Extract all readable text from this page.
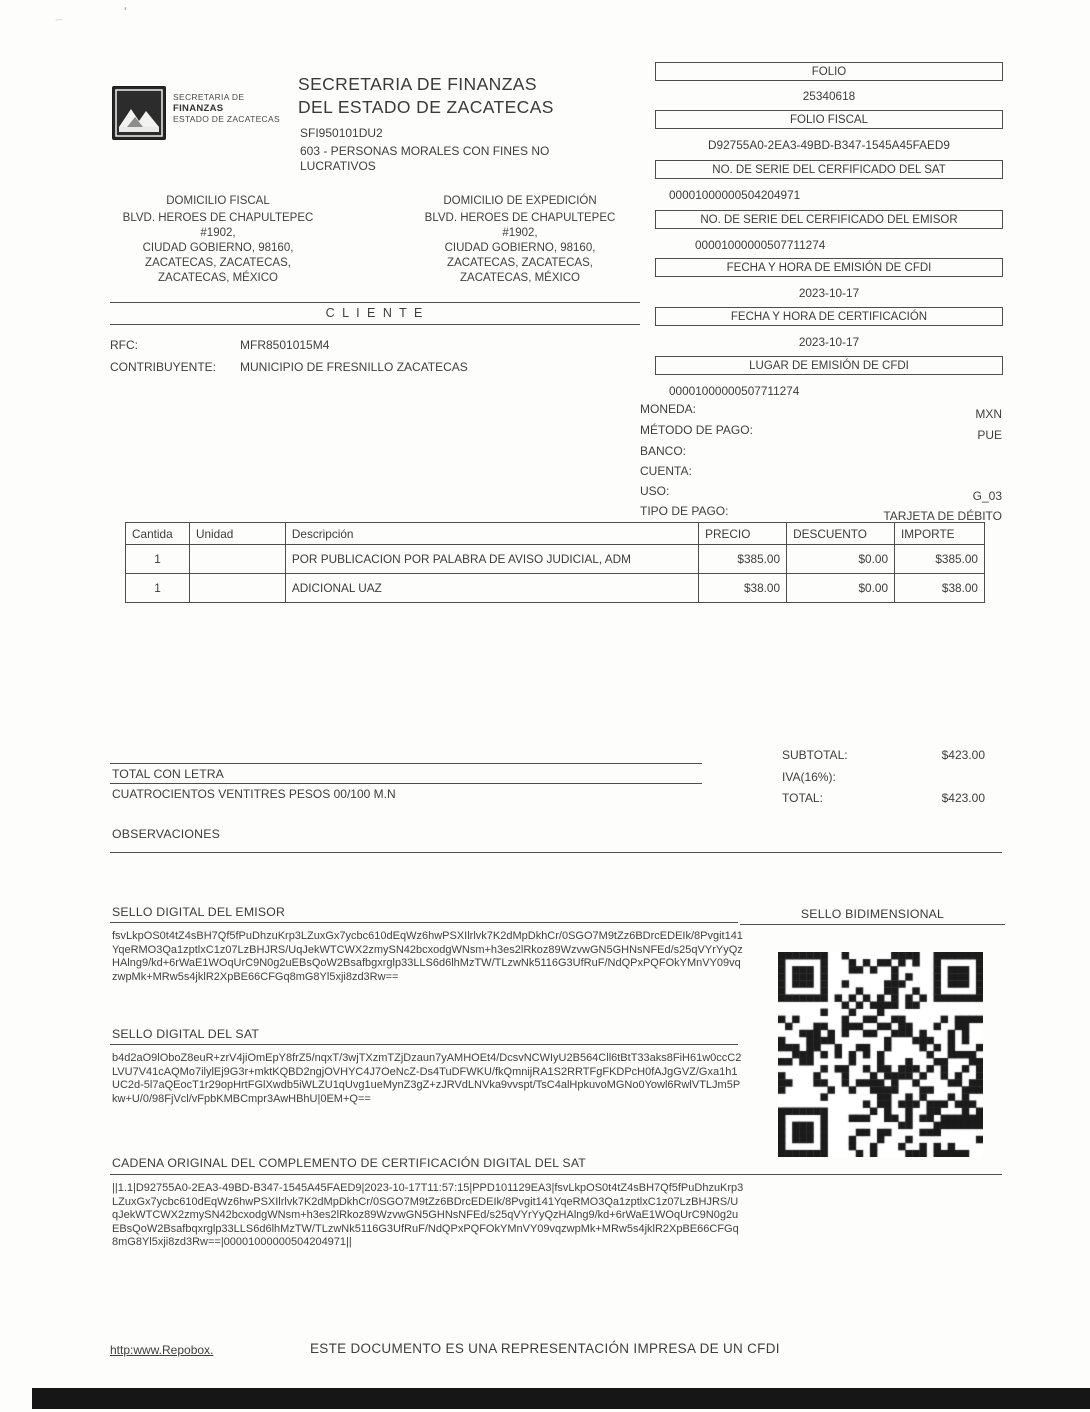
ʹ
~
SECRETARIA DE
FINANZAS
ESTADO DE ZACATECAS
SECRETARIA DE FINANZAS
DEL ESTADO DE ZACATECAS
SFI950101DU2
603 - PERSONAS MORALES CON FINES NO LUCRATIVOS
FOLIO
25340618
FOLIO FISCAL
D92755A0-2EA3-49BD-B347-1545A45FAED9
NO. DE SERIE DEL CERFIFICADO DEL SAT
00001000000504204971
NO. DE SERIE DEL CERFIFICADO DEL EMISOR
00001000000507711274
FECHA Y HORA DE EMISIÓN DE CFDI
2023-10-17
FECHA Y HORA DE CERTIFICACIÓN
2023-10-17
LUGAR DE EMISIÓN DE CFDI
00001000000507711274
DOMICILIO FISCAL
BLVD. HEROES DE CHAPULTEPEC
#1902,
CIUDAD GOBIERNO, 98160,
ZACATECAS, ZACATECAS,
ZACATECAS, MÉXICO
DOMICILIO DE EXPEDICIÓN
BLVD. HEROES DE CHAPULTEPEC
#1902,
CIUDAD GOBIERNO, 98160,
ZACATECAS, ZACATECAS,
ZACATECAS, MÉXICO
C L I E N T E
RFC:	MFR8501015M4
CONTRIBUYENTE: MUNICIPIO DE FRESNILLO ZACATECAS
MONEDA:	MXN
MÉTODO DE PAGO:	PUE
BANCO:
CUENTA:
USO:	G_03
TIPO DE PAGO:	TARJETA DE DÉBITO
Cantida	Unidad	Descripción	PRECIO	DESCUENTO	IMPORTE
1		POR PUBLICACION POR PALABRA DE AVISO JUDICIAL, ADM	$385.00	$0.00	$385.00
1		ADICIONAL UAZ	$38.00	$0.00	$38.00
SUBTOTAL:	$423.00
IVA(16%):
TOTAL:	$423.00
TOTAL CON LETRA
CUATROCIENTOS VENTITRES PESOS 00/100 M.N
OBSERVACIONES
SELLO DIGITAL DEL EMISOR
fsvLkpOS0t4tZ4sBH7Qf5fPuDhzuKrp3LZuxGx7ycbc610dEqWz6hwPSXIlrlvk7K2dMpDkhCr/0SGO7M9tZz6BDrcEDEIk/8Pvgit141YqeRMO3Qa1zptlxC1z07LzBHJRS/UqJekWTCWX2zmySN42bcxodgWNsm+h3es2lRkoz89WzvwGN5GHNsNFEd/s25qVYrYyQzHAlng9/kd+6rWaE1WOqUrC9N0g2uEBsQoW2Bsafbgxrglp33LLS6d6lhMzTW/TLzwNk5116G3UfRuF/NdQPxPQFOkYMnVY09vqzwpMk+MRw5s4jklR2XpBE66CFGq8mG8Yl5xji8zd3Rw==
SELLO BIDIMENSIONAL
SELLO DIGITAL DEL SAT
b4d2aO9lOboZ8euR+zrV4jiOmEpY8frZ5/nqxT/3wjTXzmTZjDzaun7yAMHOEt4/DcsvNCWIyU2B564Cll6tBtT33aks8FiH61w0ccC2LVU7V41cAQMo7ilylEj9G3r+mktKQBD2ngjOVHYC4J7OeNcZ-Ds4TuDFWKU/fkQmnijRA1S2RRTFgFKDPcH0fAJgGVZ/Gxa1h1UC2d-5l7aQEocT1r29opHrtFGlXwdb5iWLZU1qUvg1ueMynZ3gZ+zJRVdLNVka9vvspt/TsC4alHpkuvoMGNo0Yowl6RwlVTLJm5Pkw+U/0/98FjVcl/vFpbKMBCmpr3AwHBhU|0EM+Q==
CADENA ORIGINAL DEL COMPLEMENTO DE CERTIFICACIÓN DIGITAL DEL SAT
||1.1|D92755A0-2EA3-49BD-B347-1545A45FAED9|2023-10-17T11:57:15|PPD101129EA3|fsvLkpOS0t4tZ4sBH7Qf5fPuDhzuKrp3LZuxGx7ycbc610dEqWz6hwPSXIlrlvk7K2dMpDkhCr/0SGO7M9tZz6BDrcEDEIk/8Pvgit141YqeRMO3Qa1zptlxC1z07LzBHJRS/UqJekWTCWX2zmySN42bcxodgWNsm+h3es2lRkoz89WzvwGN5GHNsNFEd/s25qVYrYyQzHAlng9/kd+6rWaE1WOqUrC9N0g2uEBsQoW2Bsafbqxrglp33LLS6d6lhMzTW/TLzwNk5116G3UfRuF/NdQPxPQFOkYMnVY09vqzwpMk+MRw5s4jklR2XpBE66CFGq8mG8Yl5xji8zd3Rw==|00001000000504204971||
http:www.Repobox.	ESTE DOCUMENTO ES UNA REPRESENTACIÓN IMPRESA DE UN CFDI
